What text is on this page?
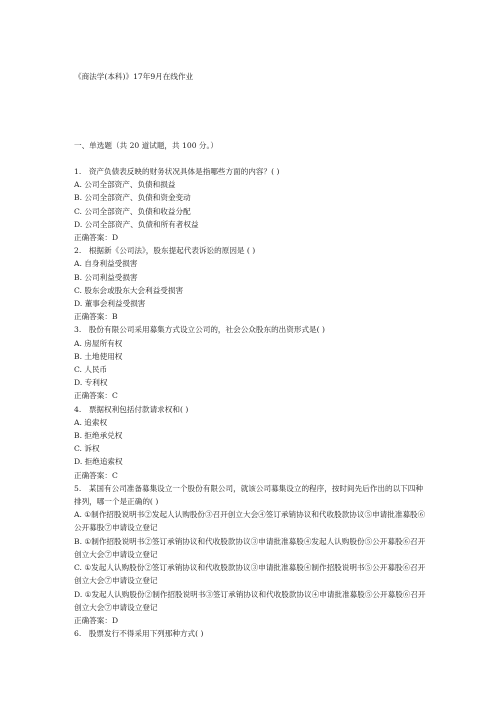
《商法学(本科)》17年9月在线作业
一、单选题（共 20 道试题，共 100 分。）
1.　资产负债表反映的财务状况具体是指哪些方面的内容？( )
A. 公司全部资产、负债和损益
B. 公司全部资产、负债和资金变动
C. 公司全部资产、负债和收益分配
D. 公司全部资产、负债和所有者权益
正确答案：D
2.　根据新《公司法》，股东提起代表诉讼的原因是 ( )
A. 自身利益受损害
B. 公司利益受损害
C. 股东会或股东大会利益受损害
D. 董事会利益受损害
正确答案：B
3.　股份有限公司采用募集方式设立公司的，社会公众股东的出资形式是( )
A. 房屋所有权
B. 土地使用权
C. 人民币
D. 专利权
正确答案：C
4.　票据权利包括付款请求权和( )
A. 追索权
B. 拒绝承兑权
C. 诉权
D. 拒绝追索权
正确答案：C
5.　某国有公司准备募集设立一个股份有限公司，就该公司募集设立的程序，按时间先后作出的以下四种排列，哪一个是正确的( )
A. ①制作招股说明书②发起人认购股份③召开创立大会④签订承销协议和代收股款协议⑤申请批准募股⑥公开募股⑦申请设立登记
B. ①制作招股说明书②签订承销协议和代收股款协议③申请批准募股④发起人认购股份⑤公开募股⑥召开创立大会⑦申请设立登记
C. ①发起人认购股份②签订承销协议和代收股款协议③申请批准募股④制作招股说明书⑤公开募股⑥召开创立大会⑦申请设立登记
D. ①发起人认购股份②制作招股说明书③签订承销协议和代收股款协议④申请批准募股⑤公开募股⑥召开创立大会⑦申请设立登记
正确答案：D
6.　股票发行不得采用下列那种方式( )
